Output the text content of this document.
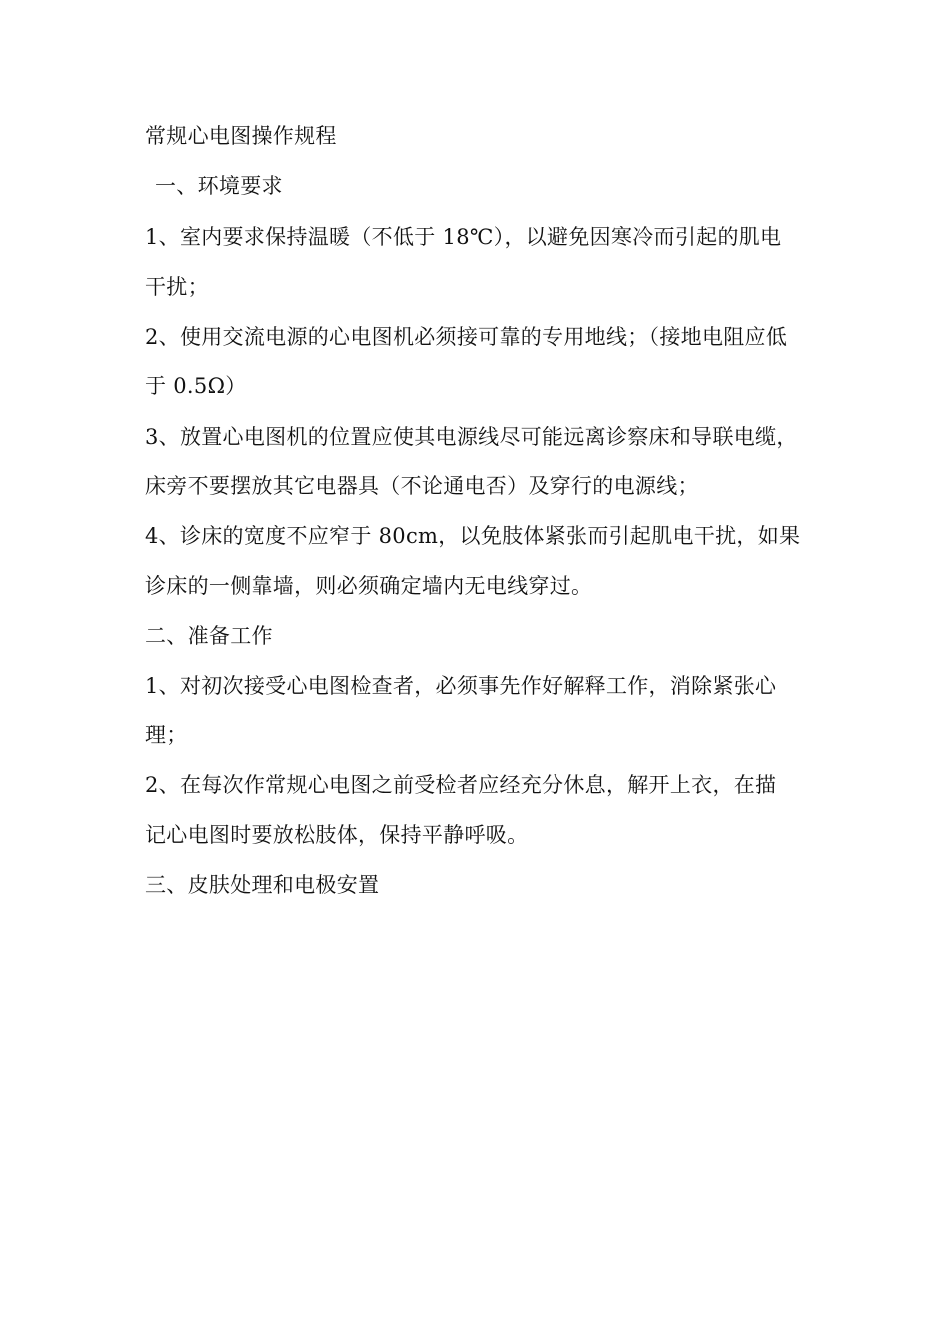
常规心电图操作规程
一、环境要求
1、室内要求保持温暖（不低于 18℃），以避免因寒冷而引起的肌电
干扰；
2、使用交流电源的心电图机必须接可靠的专用地线；（接地电阻应低
于 0.5Ω）
3、放置心电图机的位置应使其电源线尽可能远离诊察床和导联电缆，
床旁不要摆放其它电器具（不论通电否）及穿行的电源线；
4、诊床的宽度不应窄于 80cm，以免肢体紧张而引起肌电干扰，如果
诊床的一侧靠墙，则必须确定墙内无电线穿过。
二、准备工作
1、对初次接受心电图检查者，必须事先作好解释工作，消除紧张心
理；
2、在每次作常规心电图之前受检者应经充分休息，解开上衣，在描
记心电图时要放松肢体，保持平静呼吸。
三、皮肤处理和电极安置
